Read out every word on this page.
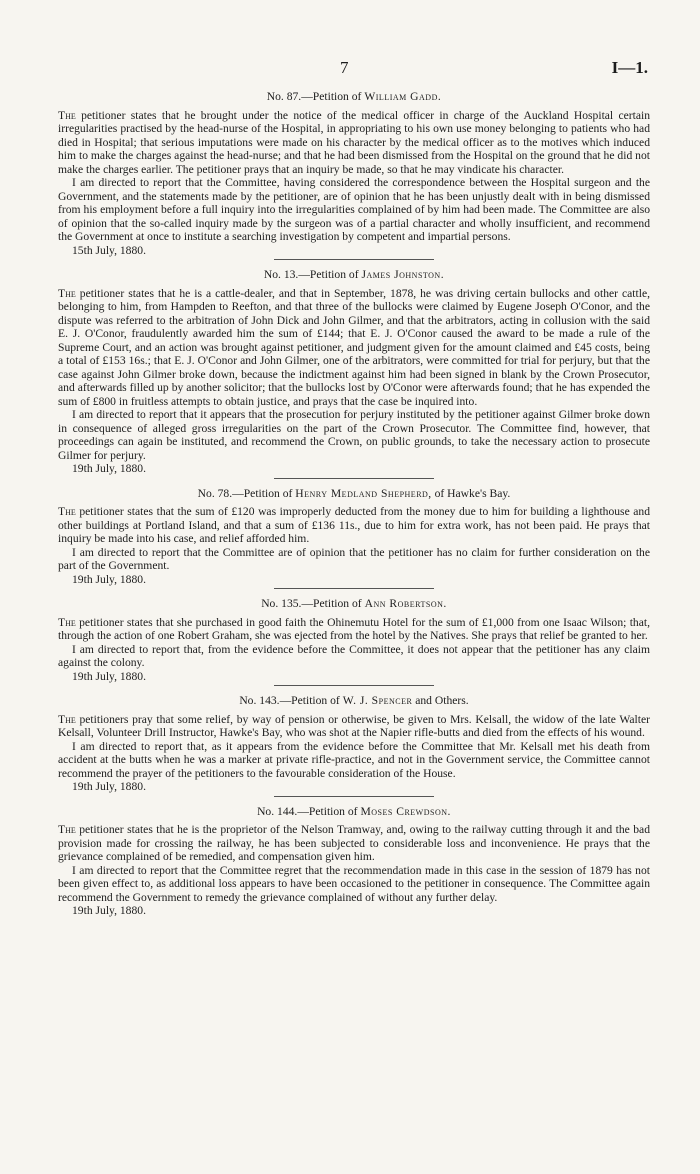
7	I—1.
No. 87.—Petition of William Gadd.

The petitioner states that he brought under the notice of the medical officer in charge of the Auckland Hospital certain irregularities practised by the head-nurse of the Hospital, in appropriating to his own use money belonging to patients who had died in Hospital; that serious imputations were made on his character by the medical officer as to the motives which induced him to make the charges against the head-nurse; and that he had been dismissed from the Hospital on the ground that he did not make the charges earlier. The petitioner prays that an inquiry be made, so that he may vindicate his character.

I am directed to report that the Committee, having considered the correspondence between the Hospital surgeon and the Government, and the statements made by the petitioner, are of opinion that he has been unjustly dealt with in being dismissed from his employment before a full inquiry into the irregularities complained of by him had been made. The Committee are also of opinion that the so-called inquiry made by the surgeon was of a partial character and wholly insufficient, and recommend the Government at once to institute a searching investigation by competent and impartial persons.

15th July, 1880.

No. 13.—Petition of James Johnston.

The petitioner states that he is a cattle-dealer, and that in September, 1878, he was driving certain bullocks and other cattle, belonging to him, from Hampden to Reefton, and that three of the bullocks were claimed by Eugene Joseph O'Conor, and the dispute was referred to the arbitration of John Dick and John Gilmer, and that the arbitrators, acting in collusion with the said E. J. O'Conor, fraudulently awarded him the sum of £144; that E. J. O'Conor caused the award to be made a rule of the Supreme Court, and an action was brought against petitioner, and judgment given for the amount claimed and £45 costs, being a total of £153 16s.; that E. J. O'Conor and John Gilmer, one of the arbitrators, were committed for trial for perjury, but that the case against John Gilmer broke down, because the indictment against him had been signed in blank by the Crown Prosecutor, and afterwards filled up by another solicitor; that the bullocks lost by O'Conor were afterwards found; that he has expended the sum of £800 in fruitless attempts to obtain justice, and prays that the case be inquired into.

I am directed to report that it appears that the prosecution for perjury instituted by the petitioner against Gilmer broke down in consequence of alleged gross irregularities on the part of the Crown Prosecutor. The Committee find, however, that proceedings can again be instituted, and recommend the Crown, on public grounds, to take the necessary action to prosecute Gilmer for perjury.

19th July, 1880.

No. 78.—Petition of Henry Medland Shepherd, of Hawke's Bay.

The petitioner states that the sum of £120 was improperly deducted from the money due to him for building a lighthouse and other buildings at Portland Island, and that a sum of £136 11s., due to him for extra work, has not been paid. He prays that inquiry be made into his case, and relief afforded him.

I am directed to report that the Committee are of opinion that the petitioner has no claim for further consideration on the part of the Government.

19th July, 1880.

No. 135.—Petition of Ann Robertson.

The petitioner states that she purchased in good faith the Ohinemutu Hotel for the sum of £1,000 from one Isaac Wilson; that, through the action of one Robert Graham, she was ejected from the hotel by the Natives. She prays that relief be granted to her.

I am directed to report that, from the evidence before the Committee, it does not appear that the petitioner has any claim against the colony.

19th July, 1880.

No. 143.—Petition of W. J. Spencer and Others.

The petitioners pray that some relief, by way of pension or otherwise, be given to Mrs. Kelsall, the widow of the late Walter Kelsall, Volunteer Drill Instructor, Hawke's Bay, who was shot at the Napier rifle-butts and died from the effects of his wound.

I am directed to report that, as it appears from the evidence before the Committee that Mr. Kelsall met his death from accident at the butts when he was a marker at private rifle-practice, and not in the Government service, the Committee cannot recommend the prayer of the petitioners to the favourable consideration of the House.

19th July, 1880.

No. 144.—Petition of Moses Crewdson.

The petitioner states that he is the proprietor of the Nelson Tramway, and, owing to the railway cutting through it and the bad provision made for crossing the railway, he has been subjected to considerable loss and inconvenience. He prays that the grievance complained of be remedied, and compensation given him.

I am directed to report that the Committee regret that the recommendation made in this case in the session of 1879 has not been given effect to, as additional loss appears to have been occasioned to the petitioner in consequence. The Committee again recommend the Government to remedy the grievance complained of without any further delay.

19th July, 1880.
